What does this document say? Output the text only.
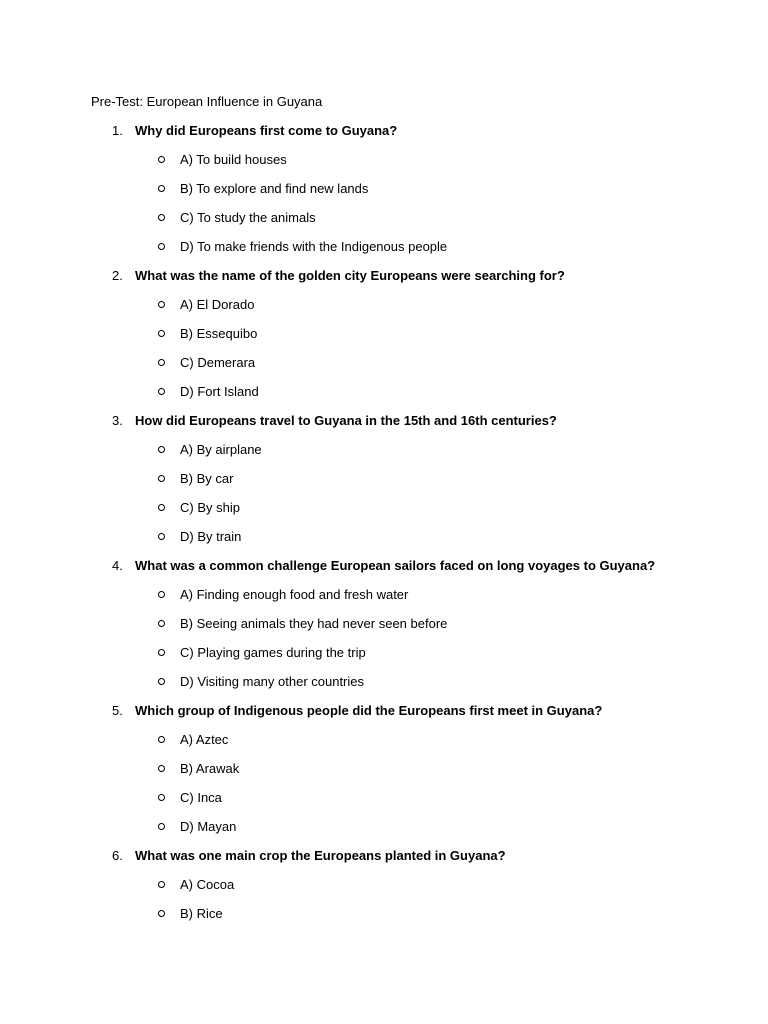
Pre-Test: European Influence in Guyana
1. Why did Europeans first come to Guyana?
A) To build houses
B) To explore and find new lands
C) To study the animals
D) To make friends with the Indigenous people
2. What was the name of the golden city Europeans were searching for?
A) El Dorado
B) Essequibo
C) Demerara
D) Fort Island
3. How did Europeans travel to Guyana in the 15th and 16th centuries?
A) By airplane
B) By car
C) By ship
D) By train
4. What was a common challenge European sailors faced on long voyages to Guyana?
A) Finding enough food and fresh water
B) Seeing animals they had never seen before
C) Playing games during the trip
D) Visiting many other countries
5. Which group of Indigenous people did the Europeans first meet in Guyana?
A) Aztec
B) Arawak
C) Inca
D) Mayan
6. What was one main crop the Europeans planted in Guyana?
A) Cocoa
B) Rice
